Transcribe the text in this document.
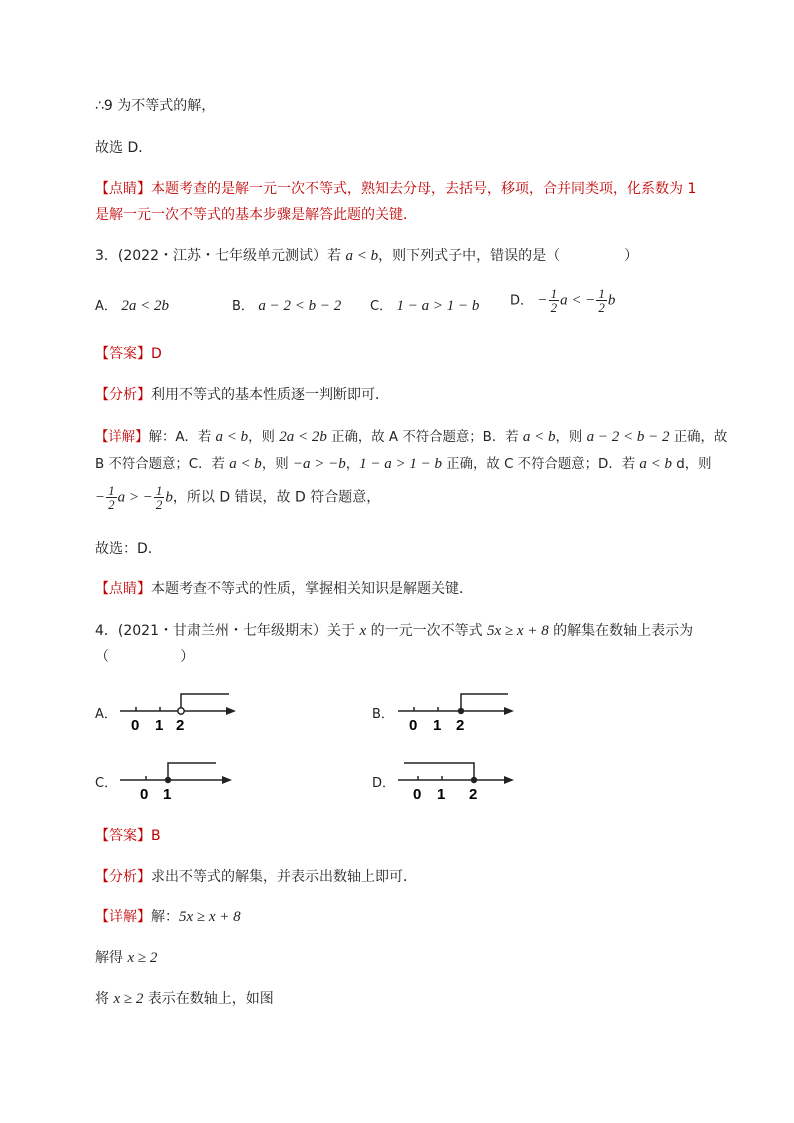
∴9 为不等式的解，
故选 D．
【点睛】本题考查的是解一元一次不等式，熟知去分母，去括号，移项，合并同类项，化系数为 1
是解一元一次不等式的基本步骤是解答此题的关键．
3．(2022・江苏・七年级单元测试）若 a < b，则下列式子中，错误的是（	）
A． 2a < 2b	B． a − 2 < b − 2 C． 1 − a > 1 − b D． − $\frac{1}{2}$ a < − $\frac{1}{2}$ b
【答案】D
【分析】利用不等式的基本性质逐一判断即可．
【详解】解：A．若 a < b，则 2a < 2b 正确，故 A 不符合题意；B．若 a < b，则 a − 2 < b − 2 正确，故
B 不符合题意；C．若 a < b，则 −a > −b，1 − a > 1 − b 正确，故 C 不符合题意；D．若 a < b d，则
− $\frac{1}{2}$ a > − $\frac{1}{2}$ b，所以 D 错误，故 D 符合题意，
故选：D．
【点睛】本题考查不等式的性质，掌握相关知识是解题关键．
4．(2021・甘肃兰州・七年级期末）关于 x 的一元一次不等式 5x ≥ x + 8 的解集在数轴上表示为
（                ）
A．
0 1 2
B．
0 1 2
C．
0 1
D．
0 1 2
【答案】B
【分析】求出不等式的解集，并表示出数轴上即可．
【详解】解：5x ≥ x + 8
解得 x ≥ 2
将 x ≥ 2 表示在数轴上，如图
